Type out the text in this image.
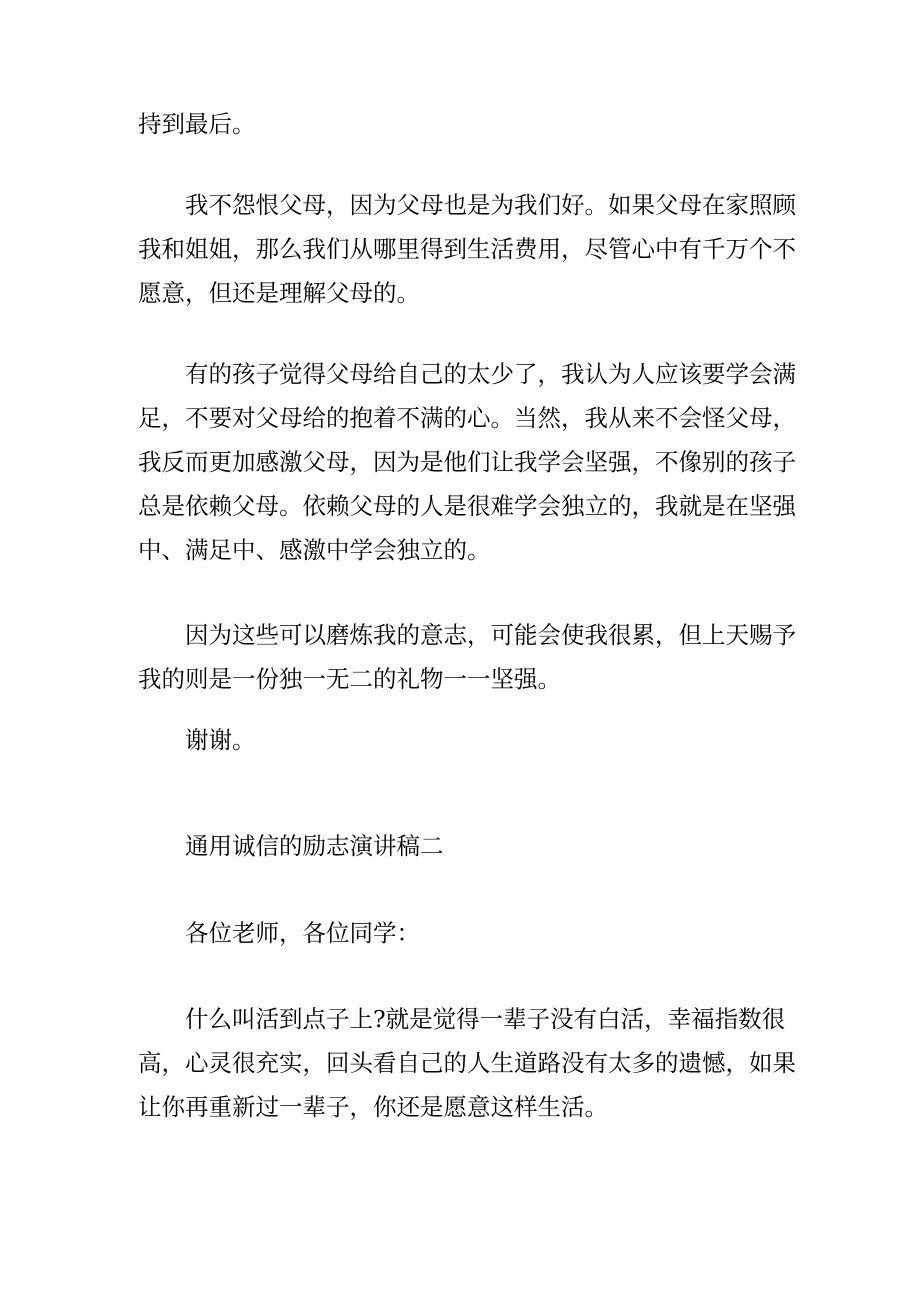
持到最后。
我不怨恨父母，因为父母也是为我们好。如果父母在家照顾
我和姐姐，那么我们从哪里得到生活费用，尽管心中有千万个不
愿意，但还是理解父母的。
有的孩子觉得父母给自己的太少了，我认为人应该要学会满
足，不要对父母给的抱着不满的心。当然，我从来不会怪父母，
我反而更加感激父母，因为是他们让我学会坚强，不像别的孩子
总是依赖父母。依赖父母的人是很难学会独立的，我就是在坚强
中、满足中、感激中学会独立的。
因为这些可以磨炼我的意志，可能会使我很累，但上天赐予
我的则是一份独一无二的礼物一一坚强。
谢谢。
通用诚信的励志演讲稿二
各位老师，各位同学：
什么叫活到点子上?就是觉得一辈子没有白活，幸福指数很
高，心灵很充实，回头看自己的人生道路没有太多的遗憾，如果
让你再重新过一辈子，你还是愿意这样生活。
